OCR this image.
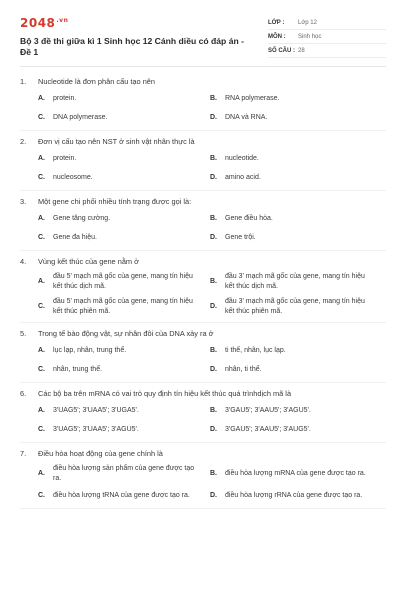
$2048^{.vn}$
Bộ 3 đề thi giữa kì 1 Sinh học 12 Cánh diều có đáp án - Đề 1
LỚP :	Lớp 12
MÔN :	Sinh học
SỐ CÂU : 28
1.	Nucleotide là đơn phân cấu tạo nên
A.	protein.	B.	RNA polymerase.
C.	DNA polymerase.	D.	DNA và RNA.
2.	Đơn vị cấu tạo nên NST ở sinh vật nhân thực là
A.	protein.	B.	nucleotide.
C.	nucleosome.	D.	amino acid.
3.	Một gene chi phối nhiều tính trạng được gọi là:
A.	Gene tăng cường.	B.	Gene điều hòa.
C.	Gene đa hiệu.	D.	Gene trội.
4.	Vùng kết thúc của gene nằm ở
A.
đầu 5' mạch mã gốc của gene, mang tín hiệu kết thúc dịch mã.
B.
đầu 3' mạch mã gốc của gene, mang tín hiệu kết thúc dịch mã.
C.
đầu 5' mạch mã gốc của gene, mang tín hiệu kết thúc phiên mã.
D.
đầu 3' mạch mã gốc của gene, mang tín hiệu kết thúc phiên mã.
5.	Trong tế bào động vật, sự nhân đôi của DNA xảy ra ở
A.	lục lạp, nhân, trung thể.	B.	ti thể, nhân, lục lạp.
C.	nhân, trung thể.	D.	nhân, ti thể.
6.	Các bộ ba trên mRNA có vai trò quy định tín hiệu kết thúc quá trìnhdịch mã là
A.	3'UAG5'; 3'UAA5'; 3'UGA5'.	B.	3'GAU5'; 3'AAU5'; 3'AGU5'.
C.	3'UAG5'; 3'UAA5'; 3'AGU5'.	D.	3'GAU5'; 3'AAU5'; 3'AUG5'.
7.	Điều hòa hoạt động của gene chính là
A.
điều hòa lượng sản phẩm của gene được tạo ra.
B.	điều hòa lượng mRNA của gene được tạo ra.
C.	điều hòa lượng tRNA của gene được tạo ra.	D.	điều hòa lượng rRNA của gene được tạo ra.
